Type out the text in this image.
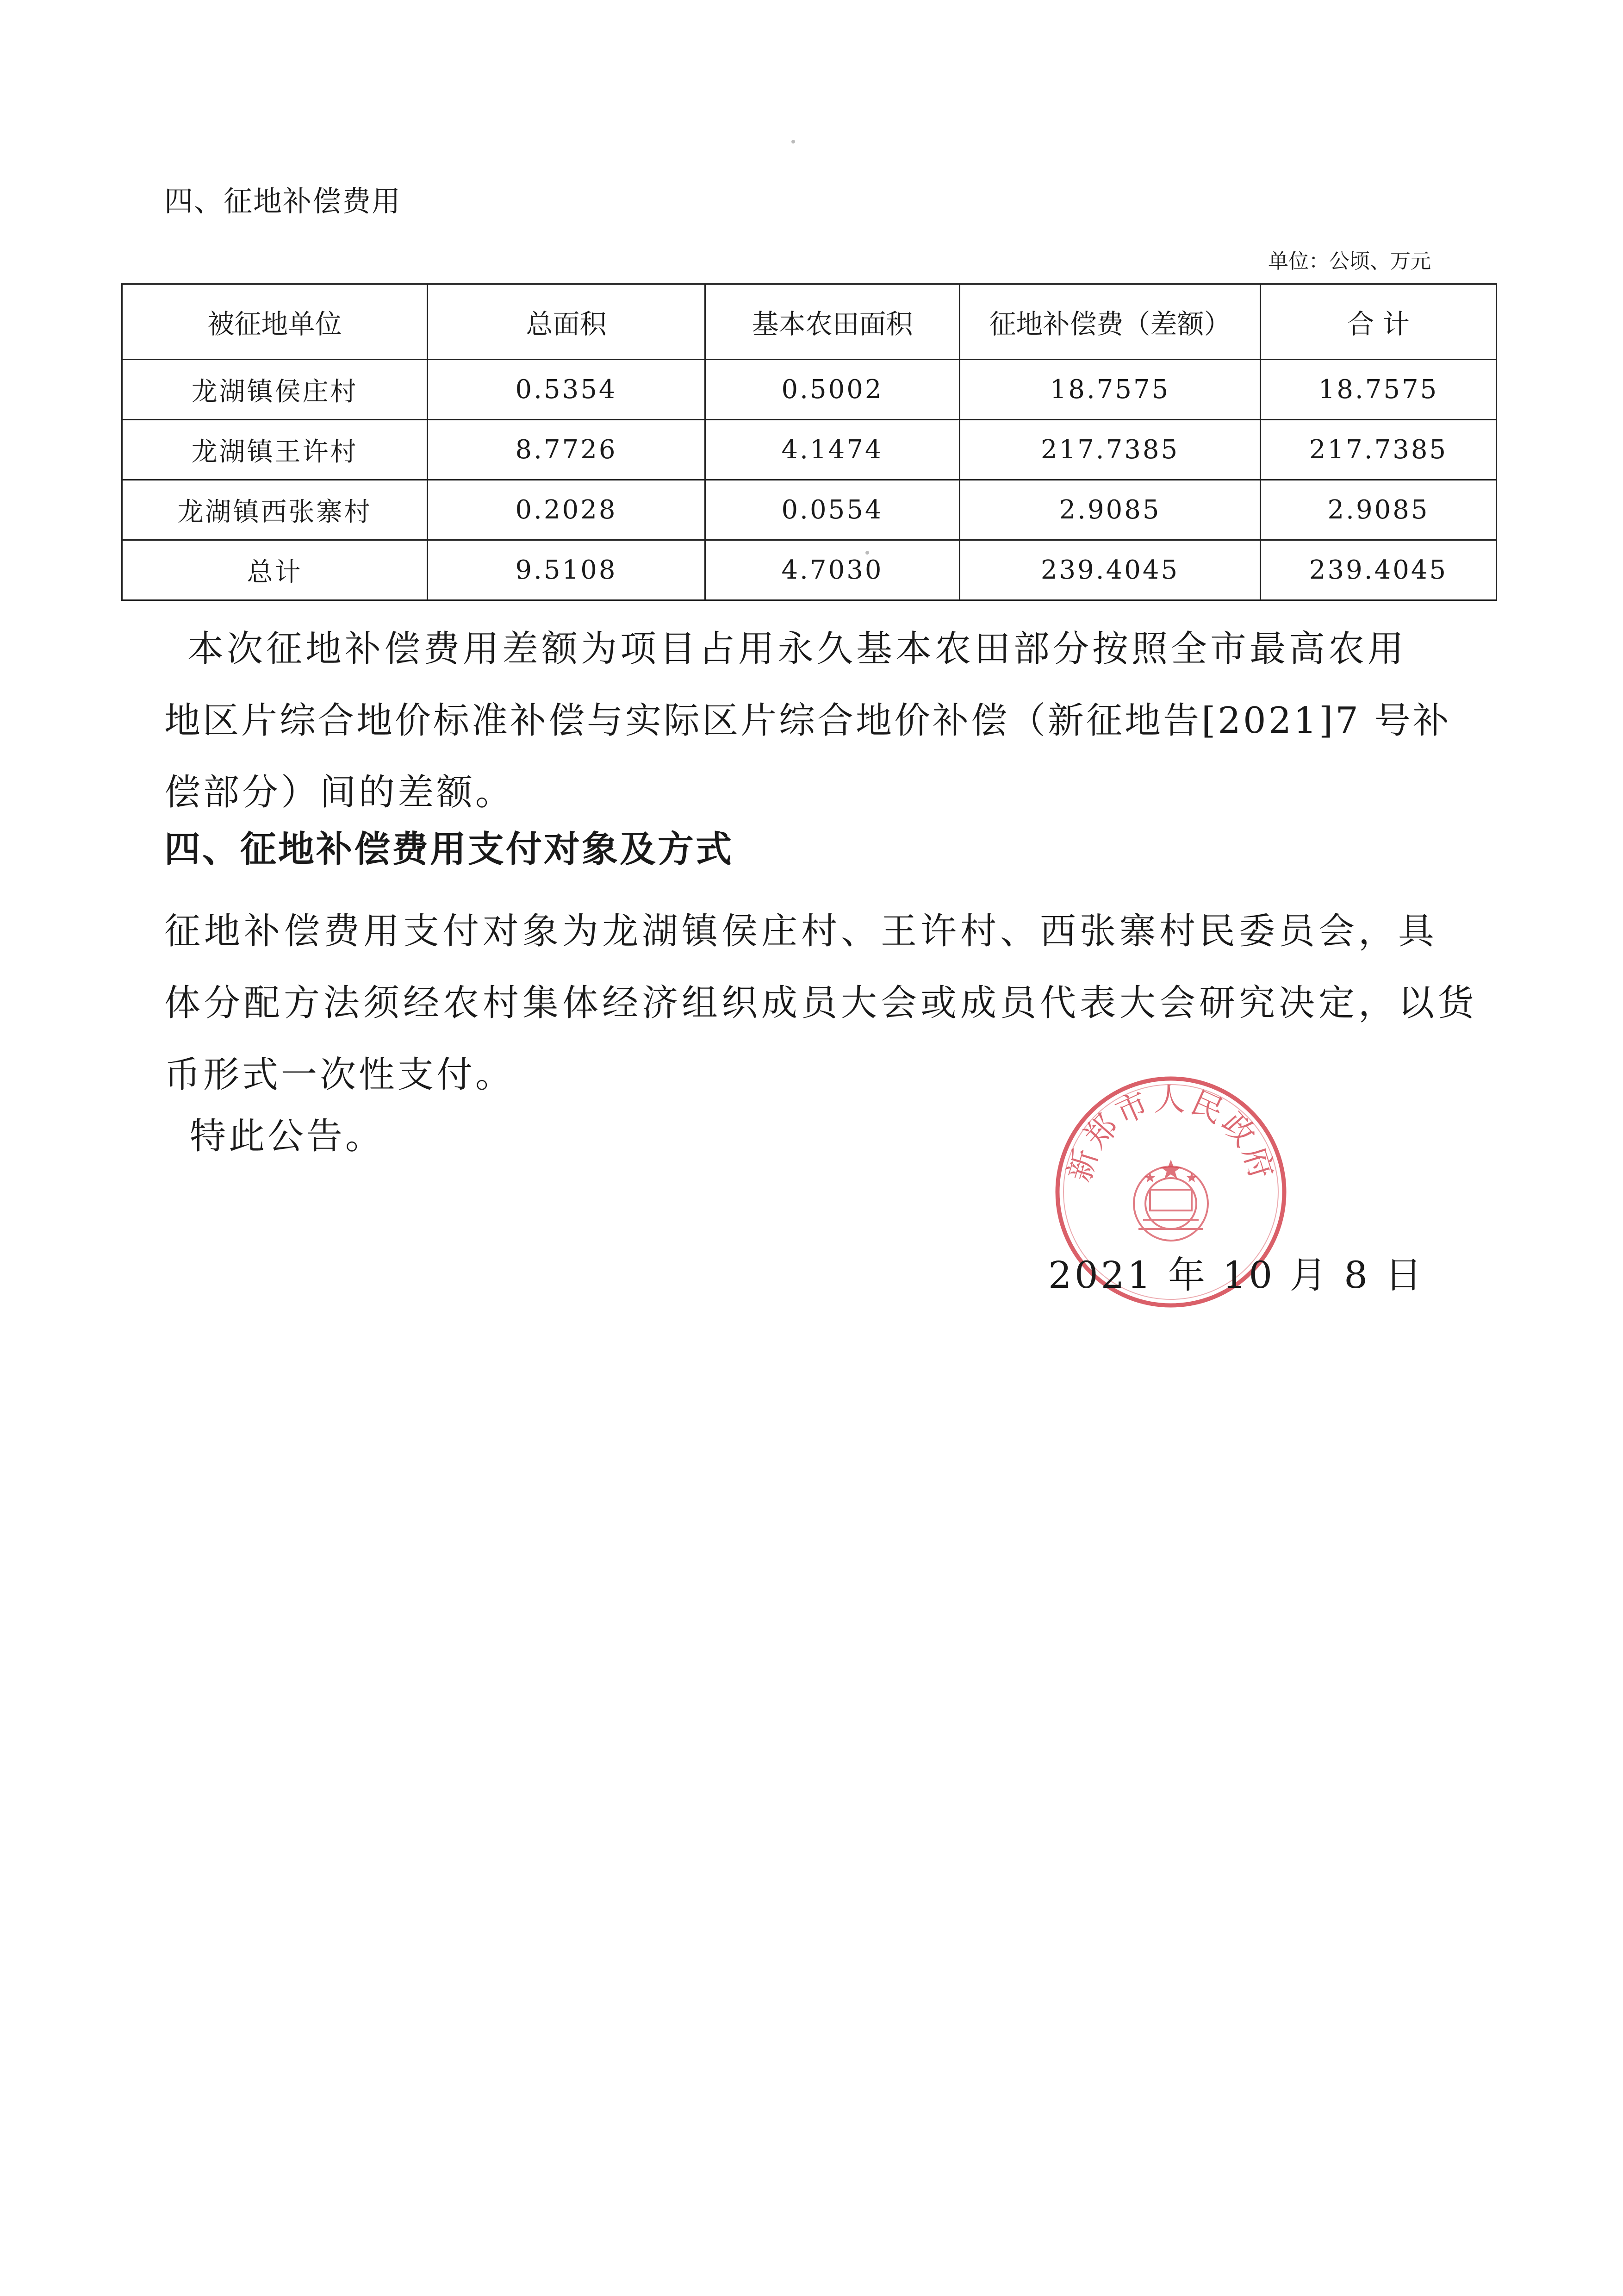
四、征地补偿费用
单位：公顷、万元
被征地单位	总面积	基本农田面积	征地补偿费（差额）	合 计
龙湖镇侯庄村	0.5354	0.5002	18.7575	18.7575
龙湖镇王许村	8.7726	4.1474	217.7385	217.7385
龙湖镇西张寨村	0.2028	0.0554	2.9085	2.9085
总计	9.5108	4.7030	239.4045	239.4045
本次征地补偿费用差额为项目占用永久基本农田部分按照全市最高农用
地区片综合地价标准补偿与实际区片综合地价补偿（新征地告[2021]7 号补
偿部分）间的差额。
四、征地补偿费用支付对象及方式
征地补偿费用支付对象为龙湖镇侯庄村、王许村、西张寨村民委员会，具
体分配方法须经农村集体经济组织成员大会或成员代表大会研究决定，以货
币形式一次性支付。
特此公告。
新郑市人民政府
2021 年 10 月 8 日
